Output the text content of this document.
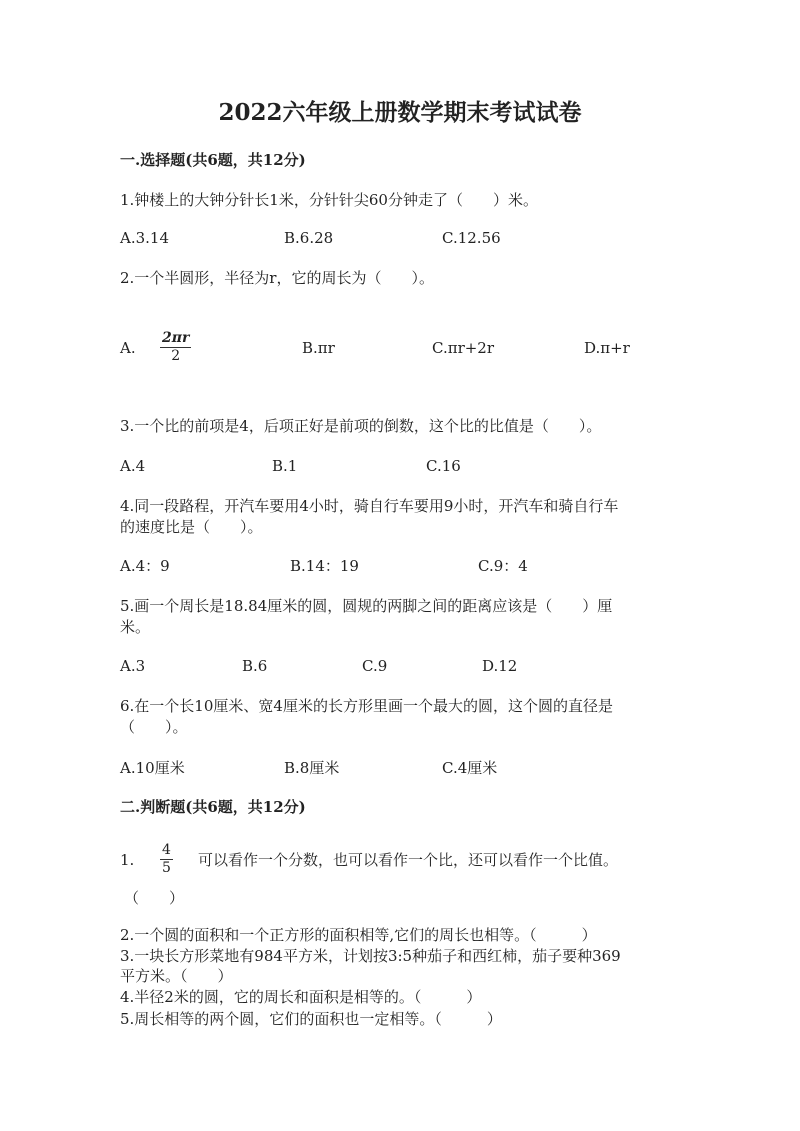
2022六年级上册数学期末考试试卷
一.选择题(共6题，共12分)
1.钟楼上的大钟分针长1米，分针针尖60分钟走了（　　）米。
A.3.14	B.6.28	C.12.56
2.一个半圆形，半径为r，它的周长为（　　）。
A.
2πr
2	B.πr	C.πr+2r	D.π+r
3.一个比的前项是4，后项正好是前项的倒数，这个比的比值是（　　）。
A.4	B.1	C.16
4.同一段路程，开汽车要用4小时，骑自行车要用9小时，开汽车和骑自行车
的速度比是（　　）。
A.4：9	B.14：19	C.9：4
5.画一个周长是18.84厘米的圆，圆规的两脚之间的距离应该是（　　）厘
米。
A.3	B.6	C.9	D.12
6.在一个长10厘米、宽4厘米的长方形里画一个最大的圆，这个圆的直径是
（　　）。
A.10厘米	B.8厘米	C.4厘米
二.判断题(共6题，共12分)
1.
4
5 可以看作一个分数，也可以看作一个比，还可以看作一个比值。
（　　）
2.一个圆的面积和一个正方形的面积相等,它们的周长也相等。（　　　）
3.一块长方形菜地有984平方米，计划按3:5种茄子和西红柿，茄子要种369
平方米。（　　）
4.半径2米的圆，它的周长和面积是相等的。（　　　）
5.周长相等的两个圆，它们的面积也一定相等。（　　　）
